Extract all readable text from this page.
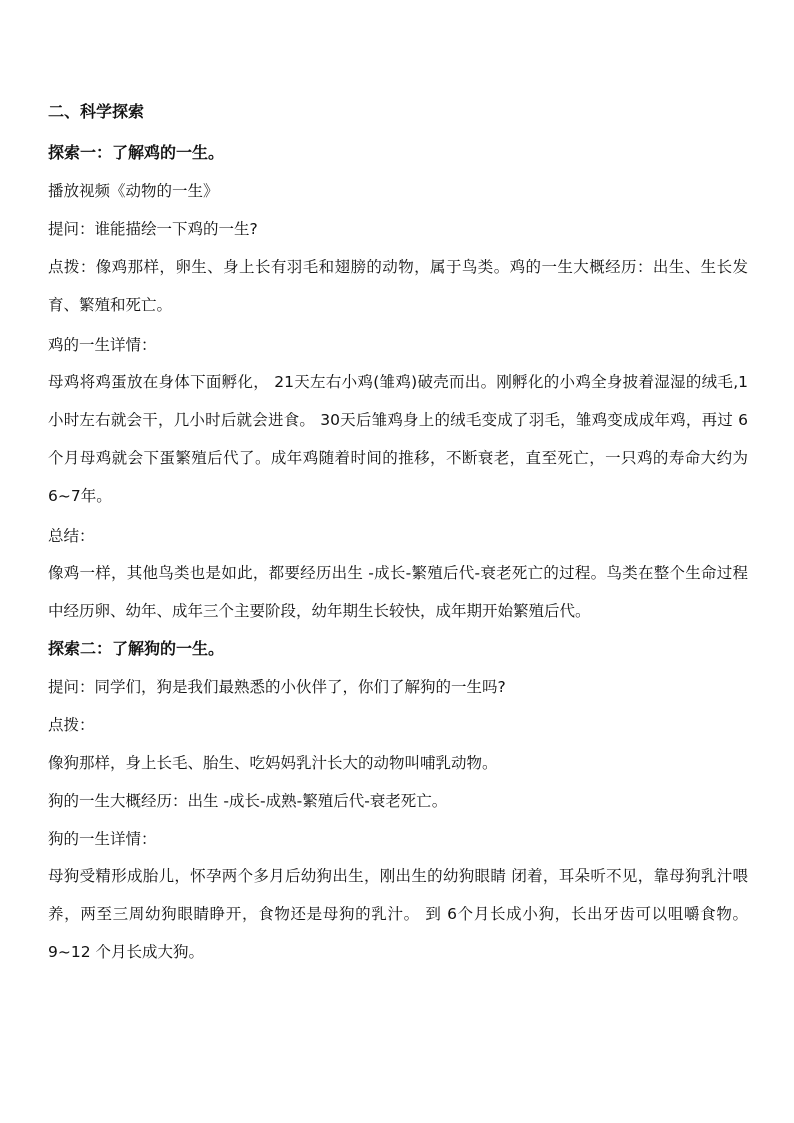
二、科学探索

探索一：了解鸡的一生。

播放视频《动物的一生》

提问：谁能描绘一下鸡的一生?

点拨：像鸡那样，卵生、身上长有羽毛和翅膀的动物，属于鸟类。鸡的一生大概经历：出生、生长发育、繁殖和死亡。

鸡的一生详情：

母鸡将鸡蛋放在身体下面孵化， 21天左右小鸡(雏鸡)破壳而出。刚孵化的小鸡全身披着湿湿的绒毛,1小时左右就会干，几小时后就会进食。 30天后雏鸡身上的绒毛变成了羽毛，雏鸡变成成年鸡，再过 6个月母鸡就会下蛋繁殖后代了。成年鸡随着时间的推移，不断衰老，直至死亡，一只鸡的寿命大约为 6~7年。

总结：

像鸡一样，其他鸟类也是如此，都要经历出生 -成长-繁殖后代-衰老死亡的过程。鸟类在整个生命过程中经历卵、幼年、成年三个主要阶段，幼年期生长较快，成年期开始繁殖后代。

探索二：了解狗的一生。

提问：同学们，狗是我们最熟悉的小伙伴了，你们了解狗的一生吗?

点拨：

像狗那样，身上长毛、胎生、吃妈妈乳汁长大的动物叫哺乳动物。

狗的一生大概经历：出生 -成长-成熟-繁殖后代-衰老死亡。

狗的一生详情：

母狗受精形成胎儿，怀孕两个多月后幼狗出生，刚出生的幼狗眼睛 闭着，耳朵听不见，靠母狗乳汁喂养，两至三周幼狗眼睛睁开，食物还是母狗的乳汁。 到 6个月长成小狗，长出牙齿可以咀嚼食物。 9~12 个月长成大狗。
